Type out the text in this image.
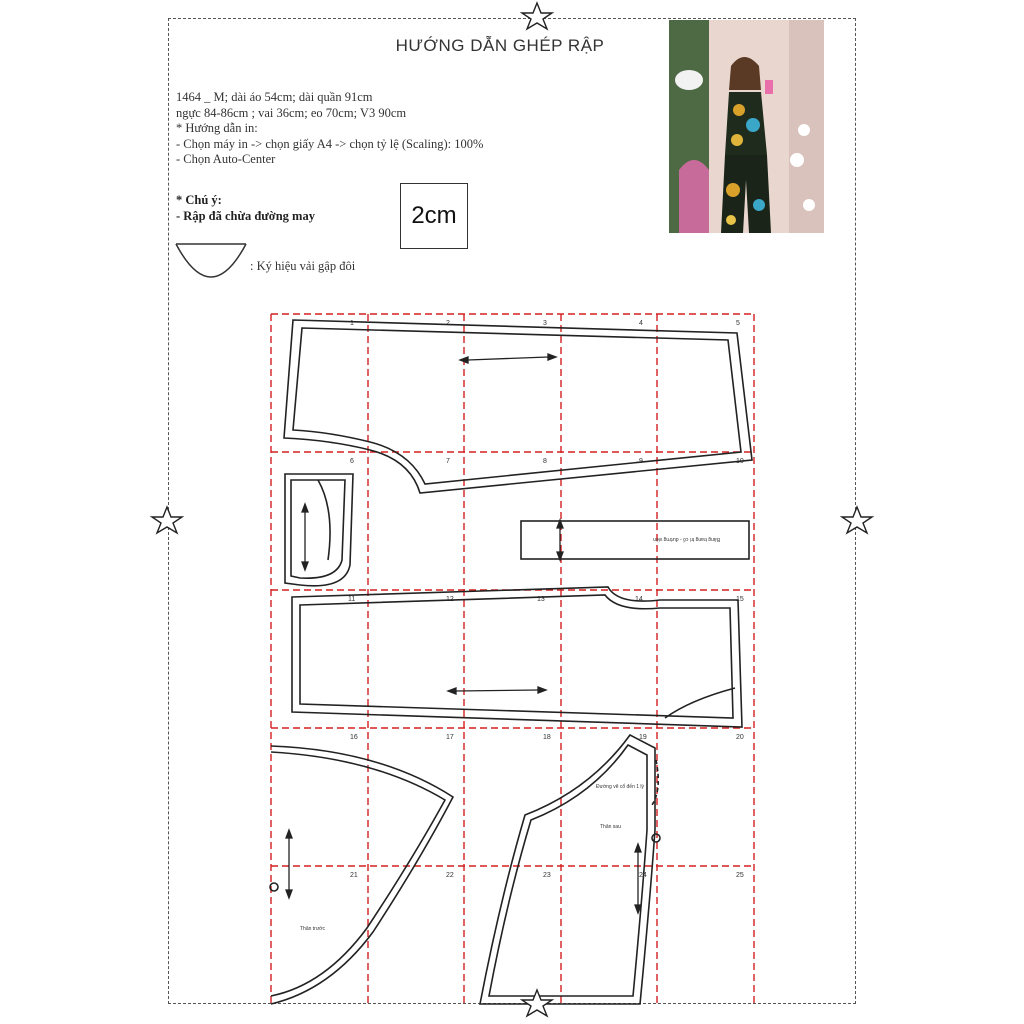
HƯỚNG DẪN GHÉP RẬP
1464 _ M; dài áo 54cm; dài quần 91cm
ngực 84-86cm ; vai 36cm; eo 70cm; V3 90cm
* Hướng dẫn in:
- Chọn máy in -> chọn giấy A4 -> chọn tỷ lệ (Scaling): 100%
- Chọn Auto-Center
* Chú ý:
- Rập đã chừa đường may	2cm
: Ký hiệu vải gập đôi
1	2	3	4	5
6	7	8	9	10
11	12	13	14	15
16	17	18	19	20
21	22	23	24	25
Thân trước
Thân sau
Bảng trang trí cổ - đường viền
Đường vẽ cổ đến 1 lý
